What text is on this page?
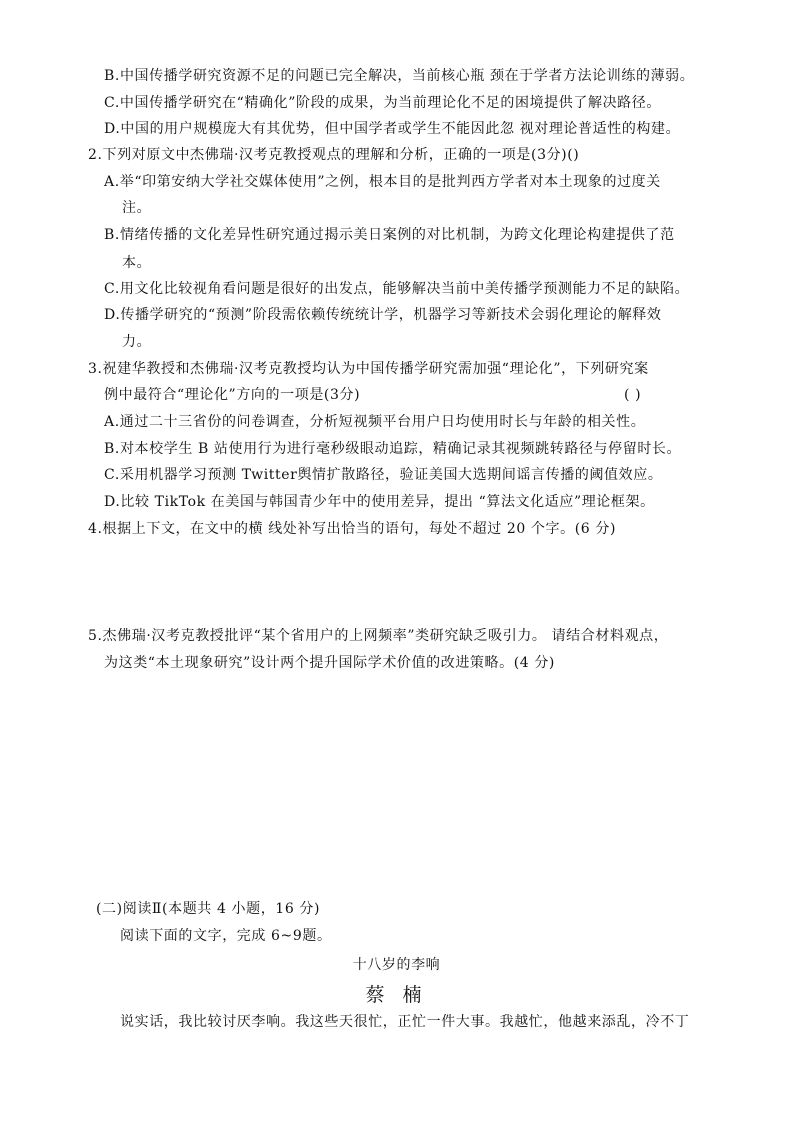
B.中国传播学研究资源不足的问题已完全解决，当前核心瓶 颈在于学者方法论训练的薄弱。
C.中国传播学研究在“精确化”阶段的成果，为当前理论化不足的困境提供了解决路径。
D.中国的用户规模庞大有其优势，但中国学者或学生不能因此忽 视对理论普适性的构建。
2.下列对原文中杰佛瑞·汉考克教授观点的理解和分析，正确的一项是(3分)()
A.举“印第安纳大学社交媒体使用”之例，根本目的是批判西方学者对本土现象的过度关
注。
B.情绪传播的文化差异性研究通过揭示美日案例的对比机制，为跨文化理论构建提供了范
本。
C.用文化比较视角看问题是很好的出发点，能够解决当前中美传播学预测能力不足的缺陷。
D.传播学研究的“预测”阶段需依赖传统统计学，机器学习等新技术会弱化理论的解释效
力。
3.祝建华教授和杰佛瑞·汉考克教授均认为中国传播学研究需加强“理论化”，下列研究案
例中最符合“理论化”方向的一项是(3分)	( )
A.通过二十三省份的问卷调查，分析短视频平台用户日均使用时长与年龄的相关性。
B.对本校学生 B 站使用行为进行毫秒级眼动追踪，精确记录其视频跳转路径与停留时长。
C.采用机器学习预测 Twitter舆情扩散路径，验证美国大选期间谣言传播的阈值效应。
D.比较 TikTok 在美国与韩国青少年中的使用差异，提出 “算法文化适应”理论框架。
4.根据上下文，在文中的横 线处补写出恰当的语句，每处不超过 20 个字。(6 分)
5.杰佛瑞·汉考克教授批评“某个省用户的上网频率”类研究缺乏吸引力。 请结合材料观点，
为这类“本土现象研究”设计两个提升国际学术价值的改进策略。(4 分)
(二)阅读Ⅱ(本题共 4 小题，16 分)
阅读下面的文字，完成 6~9题。
十八岁的李响
蔡 楠
说实话，我比较讨厌李响。我这些天很忙，正忙一件大事。我越忙，他越来添乱，冷不丁
